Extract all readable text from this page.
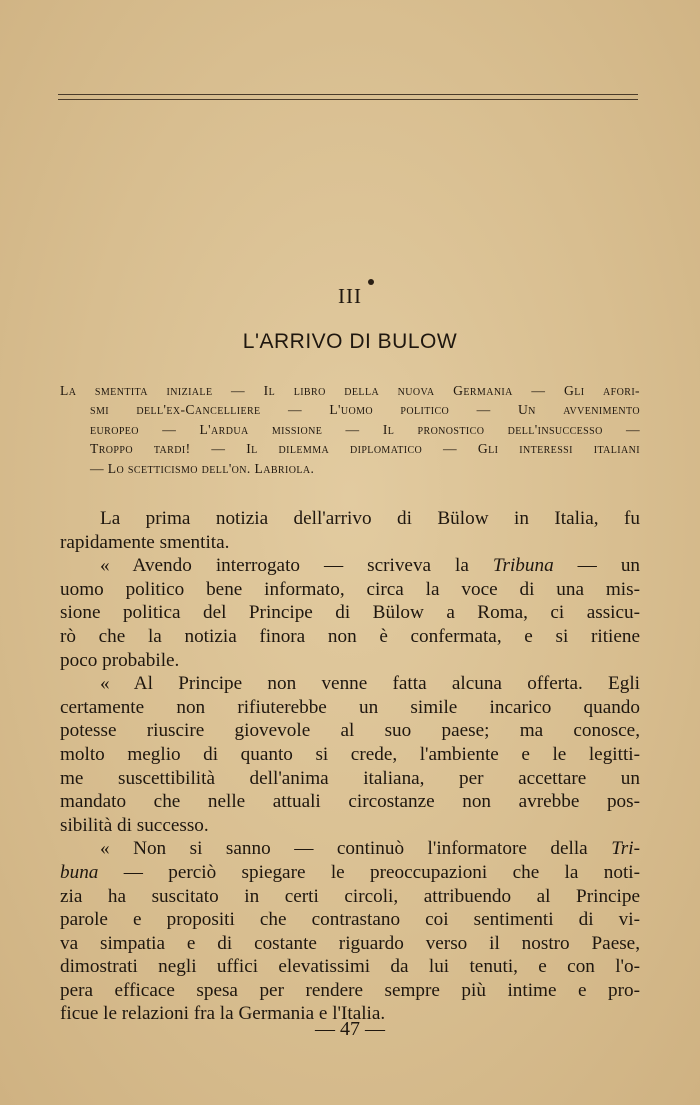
III
L'ARRIVO DI BULOW
La smentita iniziale — Il libro della nuova Germania — Gli afori-
smi dell'ex-Cancelliere — L'uomo politico — Un avvenimento
europeo — L'ardua missione — Il pronostico dell'insuccesso —
Troppo tardi! — Il dilemma diplomatico — Gli interessi italiani
— Lo scetticismo dell'on. Labriola.
La prima notizia dell'arrivo di Bülow in Italia, fu
rapidamente smentita.
« Avendo interrogato — scriveva la Tribuna — un
uomo politico bene informato, circa la voce di una mis-
sione politica del Principe di Bülow a Roma, ci assicu-
rò che la notizia finora non è confermata, e si ritiene
poco probabile.
« Al Principe non venne fatta alcuna offerta. Egli
certamente non rifiuterebbe un simile incarico quando
potesse riuscire giovevole al suo paese; ma conosce,
molto meglio di quanto si crede, l'ambiente e le legitti-
me suscettibilità dell'anima italiana, per accettare un
mandato che nelle attuali circostanze non avrebbe pos-
sibilità di successo.
« Non si sanno — continuò l'informatore della Tri-
buna — perciò spiegare le preoccupazioni che la noti-
zia ha suscitato in certi circoli, attribuendo al Principe
parole e propositi che contrastano coi sentimenti di vi-
va simpatia e di costante riguardo verso il nostro Paese,
dimostrati negli uffici elevatissimi da lui tenuti, e con l'o-
pera efficace spesa per rendere sempre più intime e pro-
ficue le relazioni fra la Germania e l'Italia.
— 47 —
